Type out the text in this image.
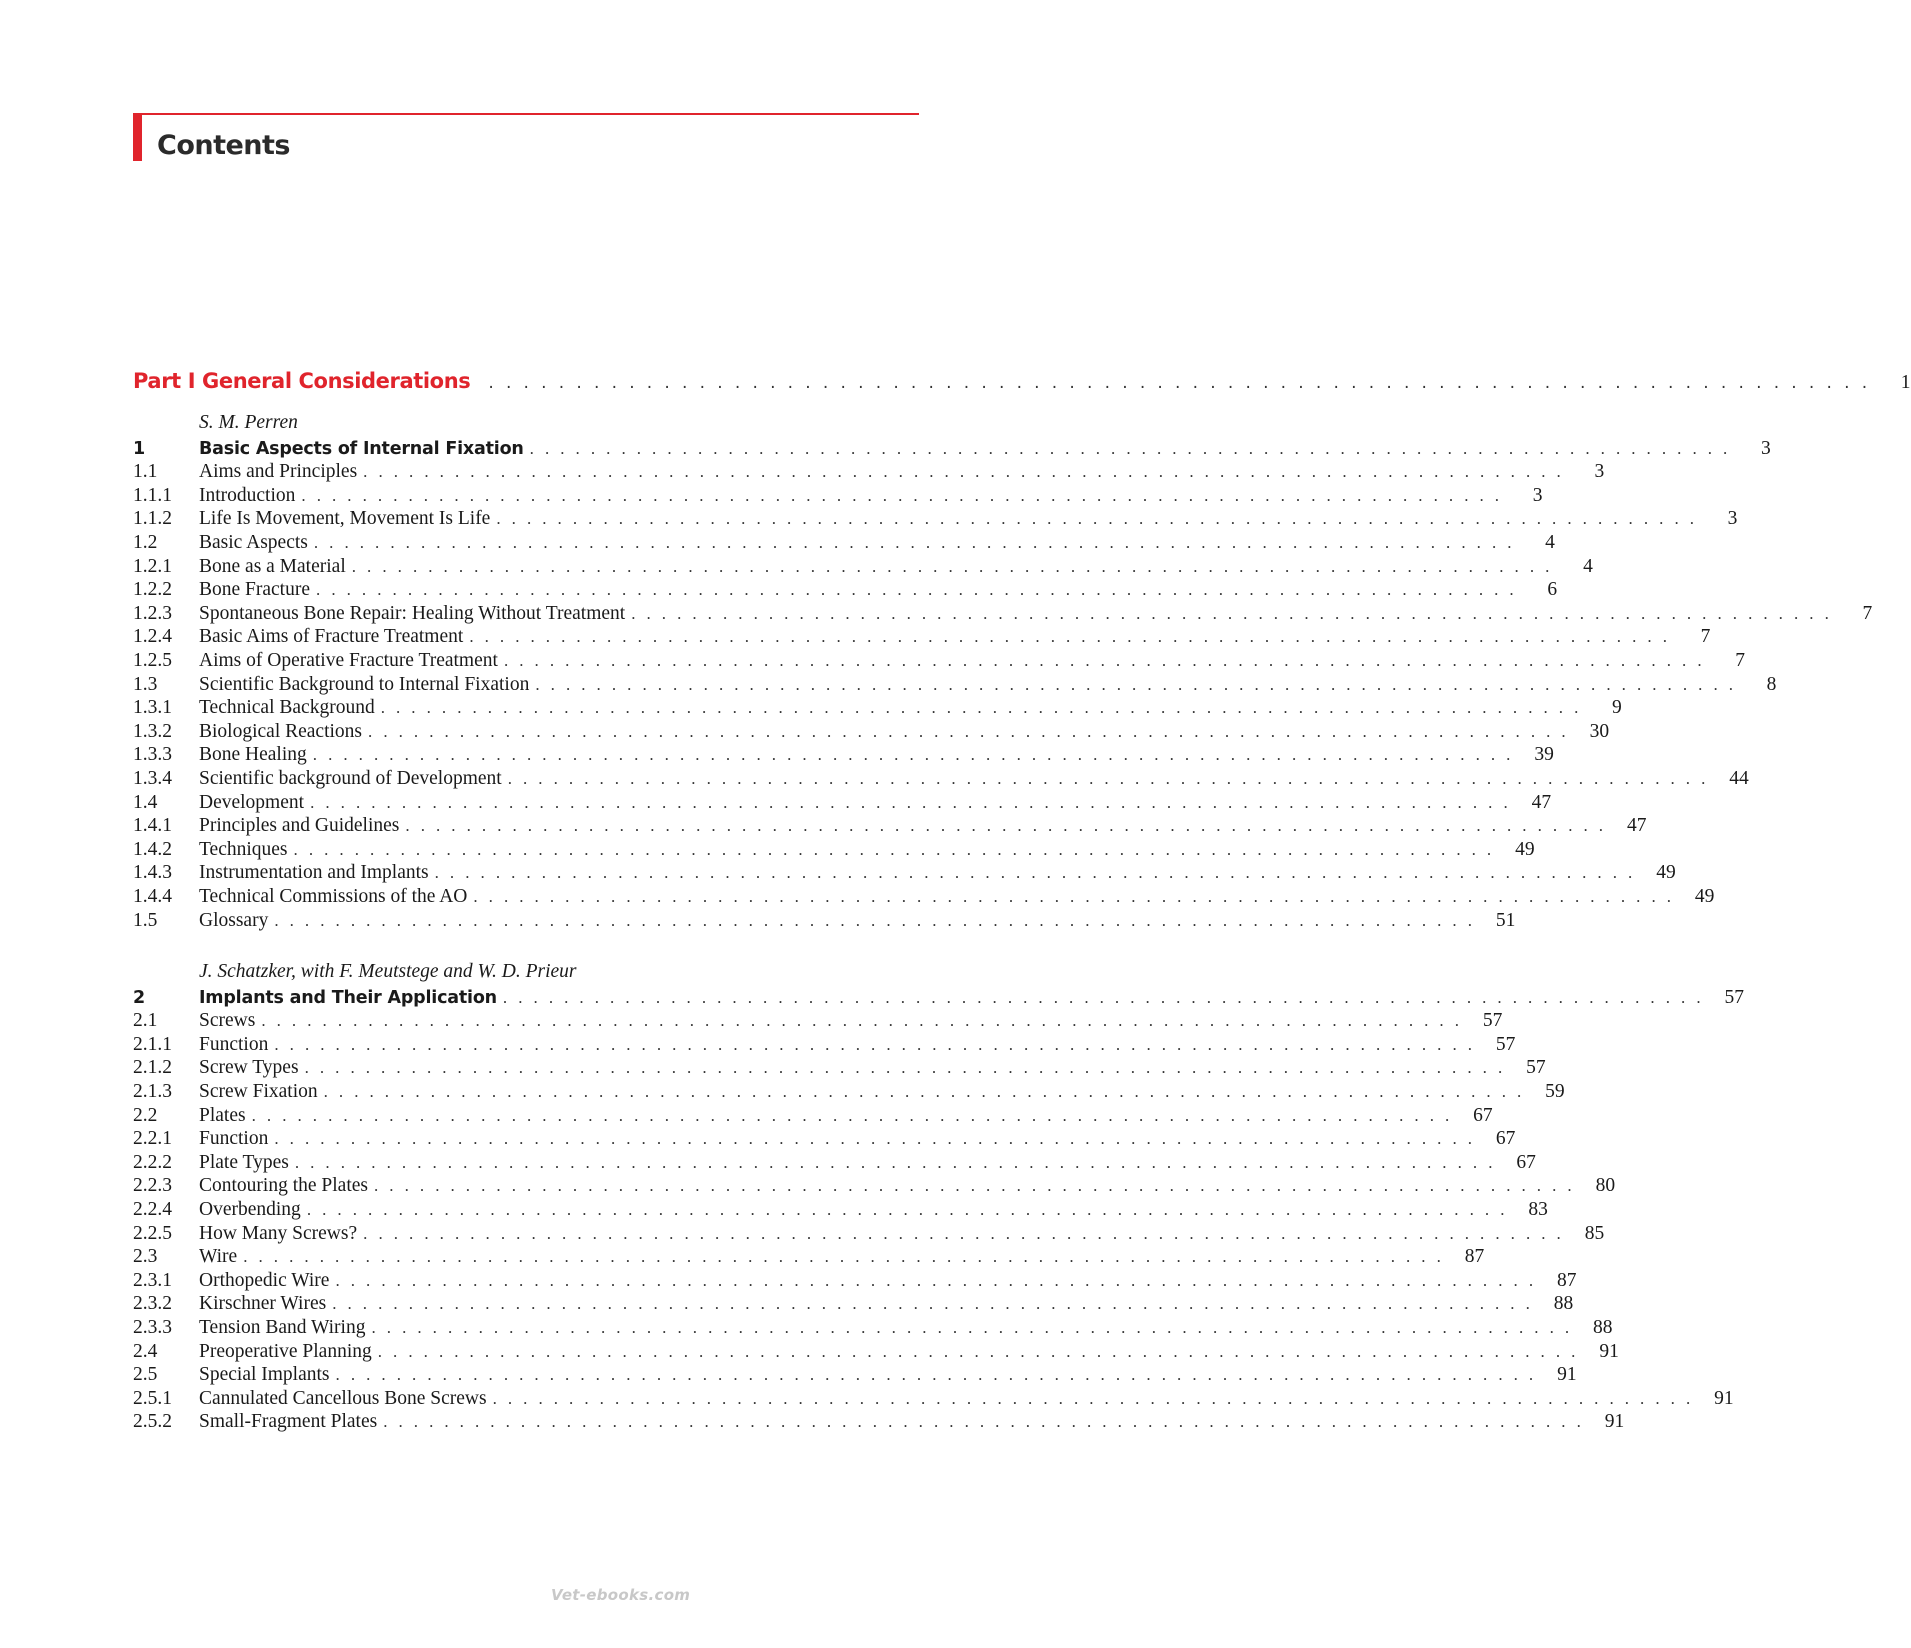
Contents
Part I General Considerations	. . . . . . . . . . . . . . . . . . . . . . . . . . . . . . . . . . . . . . . . . . . . . . . . . . . . . . . . . . . . . . . . . . . . . . . . . . . . . . .	1
S. M. Perren
1	Basic Aspects of Internal Fixation . . . . . . . . . . . . . . . . . . . . . . . . . . . . . . . . . . . . . . . . . . . . . . . . . . . . . . . . . . . . . . . . . . . . . . . . . . . . . . .	3
1.1	Aims and Principles . . . . . . . . . . . . . . . . . . . . . . . . . . . . . . . . . . . . . . . . . . . . . . . . . . . . . . . . . . . . . . . . . . . . . . . . . . . . . . .	3
1.1.1	Introduction . . . . . . . . . . . . . . . . . . . . . . . . . . . . . . . . . . . . . . . . . . . . . . . . . . . . . . . . . . . . . . . . . . . . . . . . . . . . . . .	3
1.1.2	Life Is Movement, Movement Is Life . . . . . . . . . . . . . . . . . . . . . . . . . . . . . . . . . . . . . . . . . . . . . . . . . . . . . . . . . . . . . . . . . . . . . . . . . . . . . . .	3
1.2	Basic Aspects . . . . . . . . . . . . . . . . . . . . . . . . . . . . . . . . . . . . . . . . . . . . . . . . . . . . . . . . . . . . . . . . . . . . . . . . . . . . . . .	4
1.2.1	Bone as a Material . . . . . . . . . . . . . . . . . . . . . . . . . . . . . . . . . . . . . . . . . . . . . . . . . . . . . . . . . . . . . . . . . . . . . . . . . . . . . . .	4
1.2.2	Bone Fracture . . . . . . . . . . . . . . . . . . . . . . . . . . . . . . . . . . . . . . . . . . . . . . . . . . . . . . . . . . . . . . . . . . . . . . . . . . . . . . .	6
1.2.3	Spontaneous Bone Repair: Healing Without Treatment . . . . . . . . . . . . . . . . . . . . . . . . . . . . . . . . . . . . . . . . . . . . . . . . . . . . . . . . . . . . . . . . . . . . . . . . . . . . . . .	7
1.2.4	Basic Aims of Fracture Treatment . . . . . . . . . . . . . . . . . . . . . . . . . . . . . . . . . . . . . . . . . . . . . . . . . . . . . . . . . . . . . . . . . . . . . . . . . . . . . . .	7
1.2.5	Aims of Operative Fracture Treatment . . . . . . . . . . . . . . . . . . . . . . . . . . . . . . . . . . . . . . . . . . . . . . . . . . . . . . . . . . . . . . . . . . . . . . . . . . . . . . .	7
1.3	Scientific Background to Internal Fixation . . . . . . . . . . . . . . . . . . . . . . . . . . . . . . . . . . . . . . . . . . . . . . . . . . . . . . . . . . . . . . . . . . . . . . . . . . . . . . .	8
1.3.1	Technical Background . . . . . . . . . . . . . . . . . . . . . . . . . . . . . . . . . . . . . . . . . . . . . . . . . . . . . . . . . . . . . . . . . . . . . . . . . . . . . . .	9
1.3.2	Biological Reactions . . . . . . . . . . . . . . . . . . . . . . . . . . . . . . . . . . . . . . . . . . . . . . . . . . . . . . . . . . . . . . . . . . . . . . . . . . . . . . .	30
1.3.3	Bone Healing . . . . . . . . . . . . . . . . . . . . . . . . . . . . . . . . . . . . . . . . . . . . . . . . . . . . . . . . . . . . . . . . . . . . . . . . . . . . . . .	39
1.3.4	Scientific background of Development . . . . . . . . . . . . . . . . . . . . . . . . . . . . . . . . . . . . . . . . . . . . . . . . . . . . . . . . . . . . . . . . . . . . . . . . . . . . . . .	44
1.4	Development . . . . . . . . . . . . . . . . . . . . . . . . . . . . . . . . . . . . . . . . . . . . . . . . . . . . . . . . . . . . . . . . . . . . . . . . . . . . . . .	47
1.4.1	Principles and Guidelines . . . . . . . . . . . . . . . . . . . . . . . . . . . . . . . . . . . . . . . . . . . . . . . . . . . . . . . . . . . . . . . . . . . . . . . . . . . . . . .	47
1.4.2	Techniques . . . . . . . . . . . . . . . . . . . . . . . . . . . . . . . . . . . . . . . . . . . . . . . . . . . . . . . . . . . . . . . . . . . . . . . . . . . . . . .	49
1.4.3	Instrumentation and Implants . . . . . . . . . . . . . . . . . . . . . . . . . . . . . . . . . . . . . . . . . . . . . . . . . . . . . . . . . . . . . . . . . . . . . . . . . . . . . . .	49
1.4.4	Technical Commissions of the AO . . . . . . . . . . . . . . . . . . . . . . . . . . . . . . . . . . . . . . . . . . . . . . . . . . . . . . . . . . . . . . . . . . . . . . . . . . . . . . .	49
1.5	Glossary . . . . . . . . . . . . . . . . . . . . . . . . . . . . . . . . . . . . . . . . . . . . . . . . . . . . . . . . . . . . . . . . . . . . . . . . . . . . . . .	51
J. Schatzker, with F. Meutstege and W. D. Prieur
2	Implants and Their Application . . . . . . . . . . . . . . . . . . . . . . . . . . . . . . . . . . . . . . . . . . . . . . . . . . . . . . . . . . . . . . . . . . . . . . . . . . . . . . .	57
2.1	Screws . . . . . . . . . . . . . . . . . . . . . . . . . . . . . . . . . . . . . . . . . . . . . . . . . . . . . . . . . . . . . . . . . . . . . . . . . . . . . . .	57
2.1.1	Function . . . . . . . . . . . . . . . . . . . . . . . . . . . . . . . . . . . . . . . . . . . . . . . . . . . . . . . . . . . . . . . . . . . . . . . . . . . . . . .	57
2.1.2	Screw Types . . . . . . . . . . . . . . . . . . . . . . . . . . . . . . . . . . . . . . . . . . . . . . . . . . . . . . . . . . . . . . . . . . . . . . . . . . . . . . .	57
2.1.3	Screw Fixation . . . . . . . . . . . . . . . . . . . . . . . . . . . . . . . . . . . . . . . . . . . . . . . . . . . . . . . . . . . . . . . . . . . . . . . . . . . . . . .	59
2.2	Plates . . . . . . . . . . . . . . . . . . . . . . . . . . . . . . . . . . . . . . . . . . . . . . . . . . . . . . . . . . . . . . . . . . . . . . . . . . . . . . .	67
2.2.1	Function . . . . . . . . . . . . . . . . . . . . . . . . . . . . . . . . . . . . . . . . . . . . . . . . . . . . . . . . . . . . . . . . . . . . . . . . . . . . . . .	67
2.2.2	Plate Types . . . . . . . . . . . . . . . . . . . . . . . . . . . . . . . . . . . . . . . . . . . . . . . . . . . . . . . . . . . . . . . . . . . . . . . . . . . . . . .	67
2.2.3	Contouring the Plates . . . . . . . . . . . . . . . . . . . . . . . . . . . . . . . . . . . . . . . . . . . . . . . . . . . . . . . . . . . . . . . . . . . . . . . . . . . . . . .	80
2.2.4	Overbending . . . . . . . . . . . . . . . . . . . . . . . . . . . . . . . . . . . . . . . . . . . . . . . . . . . . . . . . . . . . . . . . . . . . . . . . . . . . . . .	83
2.2.5	How Many Screws? . . . . . . . . . . . . . . . . . . . . . . . . . . . . . . . . . . . . . . . . . . . . . . . . . . . . . . . . . . . . . . . . . . . . . . . . . . . . . . .	85
2.3	Wire . . . . . . . . . . . . . . . . . . . . . . . . . . . . . . . . . . . . . . . . . . . . . . . . . . . . . . . . . . . . . . . . . . . . . . . . . . . . . . .	87
2.3.1	Orthopedic Wire . . . . . . . . . . . . . . . . . . . . . . . . . . . . . . . . . . . . . . . . . . . . . . . . . . . . . . . . . . . . . . . . . . . . . . . . . . . . . . .	87
2.3.2	Kirschner Wires . . . . . . . . . . . . . . . . . . . . . . . . . . . . . . . . . . . . . . . . . . . . . . . . . . . . . . . . . . . . . . . . . . . . . . . . . . . . . . .	88
2.3.3	Tension Band Wiring . . . . . . . . . . . . . . . . . . . . . . . . . . . . . . . . . . . . . . . . . . . . . . . . . . . . . . . . . . . . . . . . . . . . . . . . . . . . . . .	88
2.4	Preoperative Planning . . . . . . . . . . . . . . . . . . . . . . . . . . . . . . . . . . . . . . . . . . . . . . . . . . . . . . . . . . . . . . . . . . . . . . . . . . . . . . .	91
2.5	Special Implants . . . . . . . . . . . . . . . . . . . . . . . . . . . . . . . . . . . . . . . . . . . . . . . . . . . . . . . . . . . . . . . . . . . . . . . . . . . . . . .	91
2.5.1	Cannulated Cancellous Bone Screws . . . . . . . . . . . . . . . . . . . . . . . . . . . . . . . . . . . . . . . . . . . . . . . . . . . . . . . . . . . . . . . . . . . . . . . . . . . . . . .	91
2.5.2	Small-Fragment Plates . . . . . . . . . . . . . . . . . . . . . . . . . . . . . . . . . . . . . . . . . . . . . . . . . . . . . . . . . . . . . . . . . . . . . . . . . . . . . . .	91
Vet-ebooks.com
